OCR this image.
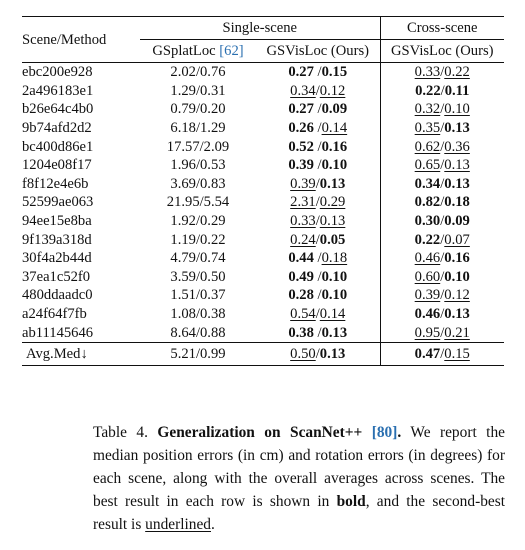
Scene/Method	Single-scene		Cross-scene
	GSplatLoc [62]	GSVisLoc (Ours)	GSVisLoc (Ours)

ebc200e928	2.02/0.76	0.27 /0.15	0.33/0.22
2a496183e1	1.29/0.31	0.34/0.12	0.22/0.11
b26e64c4b0	0.79/0.20	0.27 /0.09	0.32/0.10
9b74afd2d2	6.18/1.29	0.26 /0.14	0.35/0.13
bc400d86e1	17.57/2.09	0.52 /0.16	0.62/0.36
1204e08f17	1.96/0.53	0.39 /0.10	0.65/0.13
f8f12e4e6b	3.69/0.83	0.39/0.13	0.34/0.13
52599ae063	21.95/5.54	2.31/0.29	0.82/0.18
94ee15e8ba	1.92/0.29	0.33/0.13	0.30/0.09
9f139a318d	1.19/0.22	0.24/0.05	0.22/0.07
30f4a2b44d	4.79/0.74	0.44 /0.18	0.46/0.16
37ea1c52f0	3.59/0.50	0.49 /0.10	0.60/0.10
480ddaadc0	1.51/0.37	0.28 /0.10	0.39/0.12
a24f64f7fb	1.08/0.38	0.54/0.14	0.46/0.13
ab11145646	8.64/0.88	0.38 /0.13	0.95/0.21

Avg.Med↓	5.21/0.99	0.50/0.13	0.47/0.15

Table 4. Generalization on ScanNet++ [80]. We report the median position errors (in cm) and rotation errors (in degrees) for each scene, along with the overall averages across scenes. The best result in each row is shown in bold, and the second-best result is underlined.
